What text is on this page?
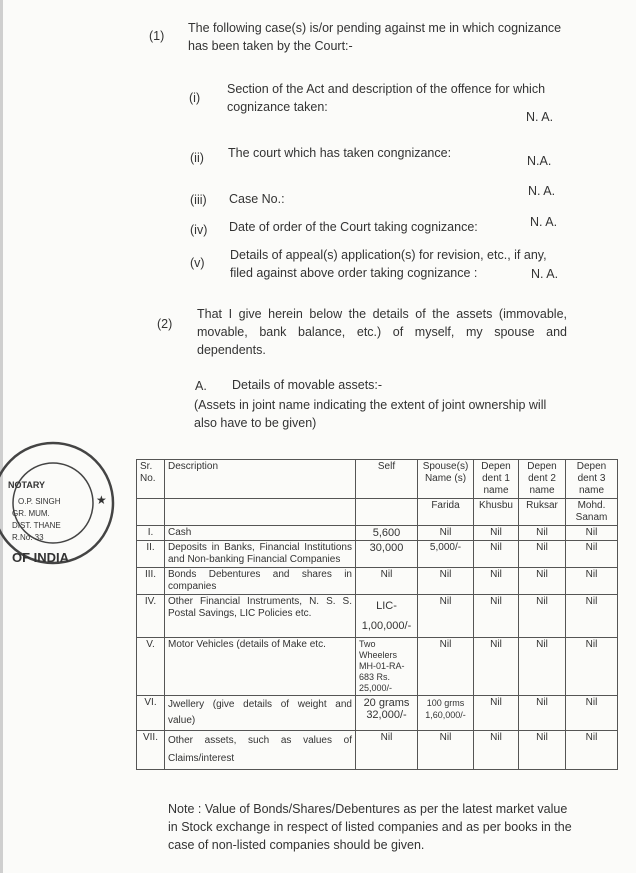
(1)
The following case(s) is/or pending against me in which cognizance has been taken by the Court:-
(i)
Section of the Act and description of the offence for which cognizance taken:
N. A.
(ii) The court which has taken congnizance:
N.A.
(iii) Case No.:
N. A.
(iv) Date of order of the Court taking cognizance:	N. A.
(v)
Details of appeal(s) application(s) for revision, etc., if any, filed against above order taking cognizance :	N. A.
(2)
That I give herein below the details of the assets (immovable, movable, bank balance, etc.) of myself, my spouse and dependents.
A. Details of movable assets:-
(Assets in joint name indicating the extent of joint ownership will also have to be given)
NOTARY
O.P. SINGH
GR. MUM.
DIST. THANE
R.No. 33
OF INDIA
★
Sr. No.	Description	Self	Spouse(s) Name (s)	Depen dent 1 name	Depen dent 2 name	Depen dent 3 name
			Farida	Khusbu	Ruksar	Mohd. Sanam
I.	Cash	5,600	Nil	Nil	Nil	Nil
II.	Deposits in Banks, Financial Institutions and Non-banking Financial Companies	30,000	5,000/-	Nil	Nil	Nil
III.	Bonds Debentures and shares in companies	Nil	Nil	Nil	Nil	Nil
IV.	Other Financial Instruments, N. S. S. Postal Savings, LIC Policies etc.	LIC- 1,00,000/-	Nil	Nil	Nil	Nil
V.	Motor Vehicles (details of Make etc.	Two Wheelers MH-01-RA-683 Rs. 25,000/-	Nil	Nil	Nil	Nil
VI.	Jwellery (give details of weight and value)	20 grams 32,000/-	100 grms 1,60,000/-	Nil	Nil	Nil
VII.	Other assets, such as values of Claims/interest	Nil	Nil	Nil	Nil	Nil
Note : Value of Bonds/Shares/Debentures as per the latest market value in Stock exchange in respect of listed companies and as per books in the case of non-listed companies should be given.
